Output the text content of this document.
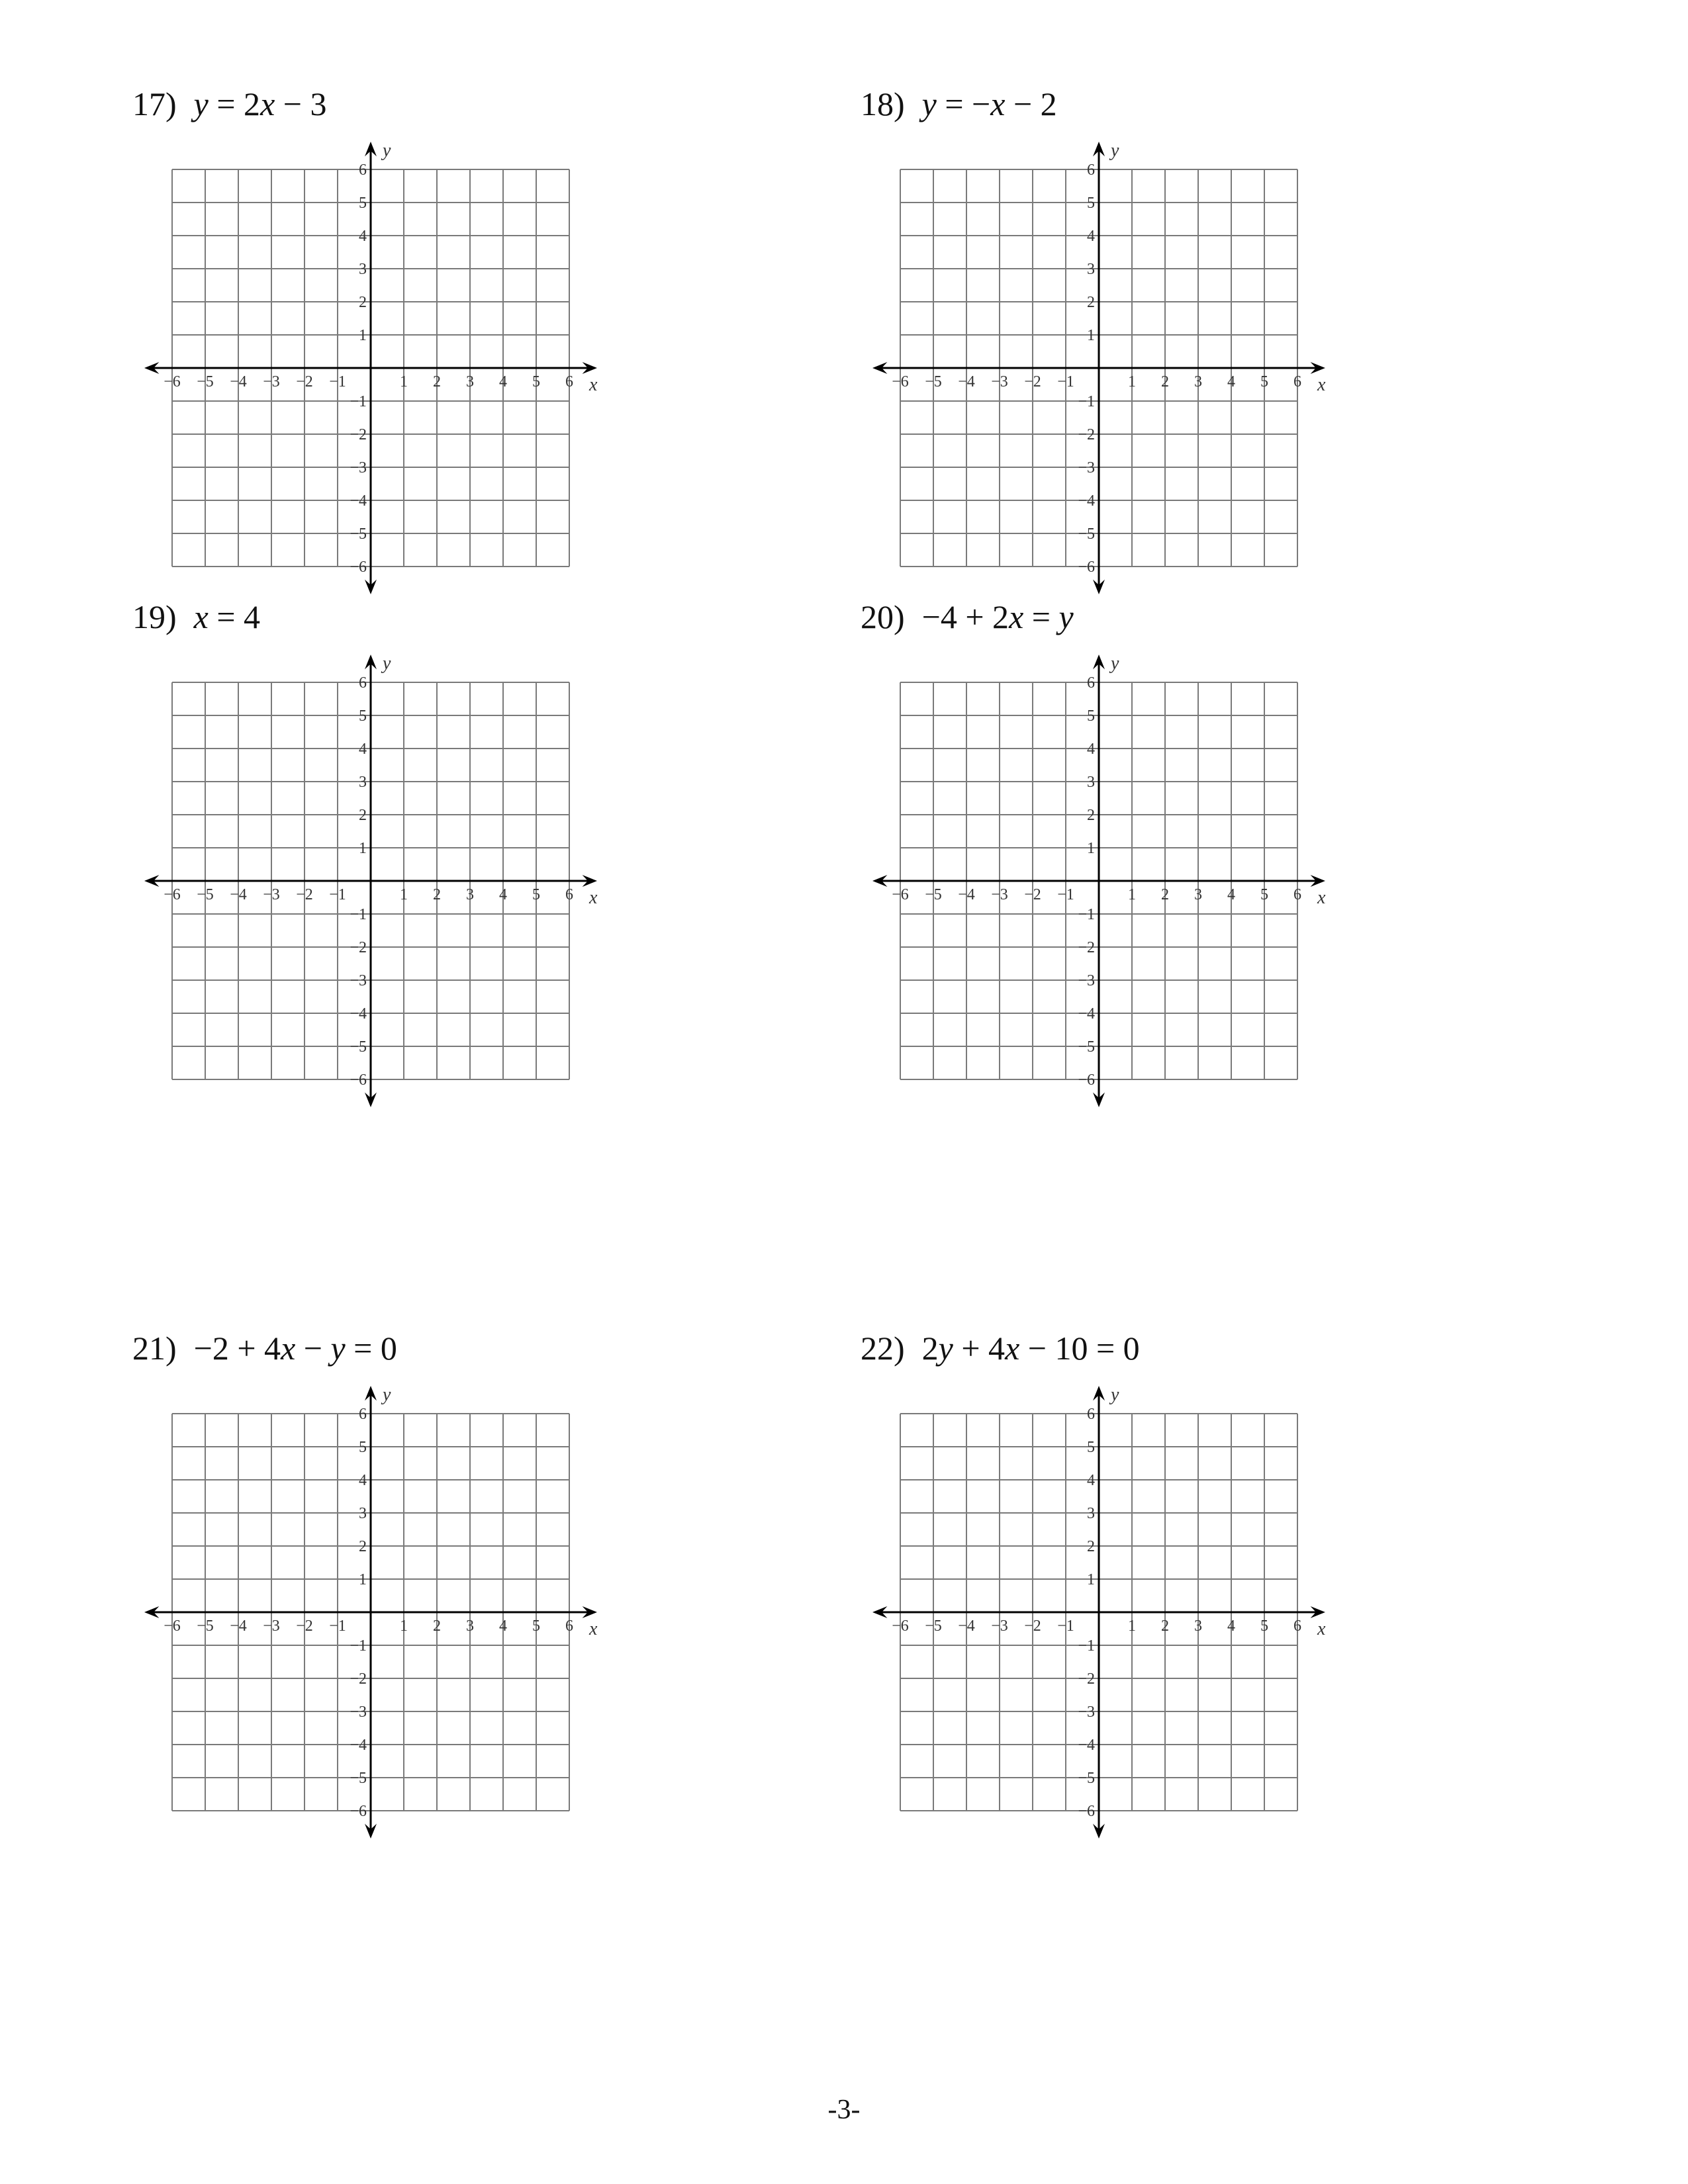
17) y = 2x − 3
x
y
−6 −5 −4 −3 −2 −1	1 2 3 4 5 6
1
2
3
4
5
6
−1
−2
−3
−4
−5
−6
18) y = −x − 2
x
y
−6 −5 −4 −3 −2 −1	1 2 3 4 5 6
1
2
3
4
5
6
−1
−2
−3
−4
−5
−6
19) x = 4
x
y
−6 −5 −4 −3 −2 −1	1 2 3 4 5 6
1
2
3
4
5
6
−1
−2
−3
−4
−5
−6
20) −4 + 2x = y
x
y
−6 −5 −4 −3 −2 −1	1 2 3 4 5 6
1
2
3
4
5
6
−1
−2
−3
−4
−5
−6
21) −2 + 4x − y = 0
x
y
−6 −5 −4 −3 −2 −1	1 2 3 4 5 6
1
2
3
4
5
6
−1
−2
−3
−4
−5
−6
22) 2y + 4x − 10 = 0
x
y
−6 −5 −4 −3 −2 −1	1 2 3 4 5 6
1
2
3
4
5
6
−1
−2
−3
−4
−5
−6
-3-
